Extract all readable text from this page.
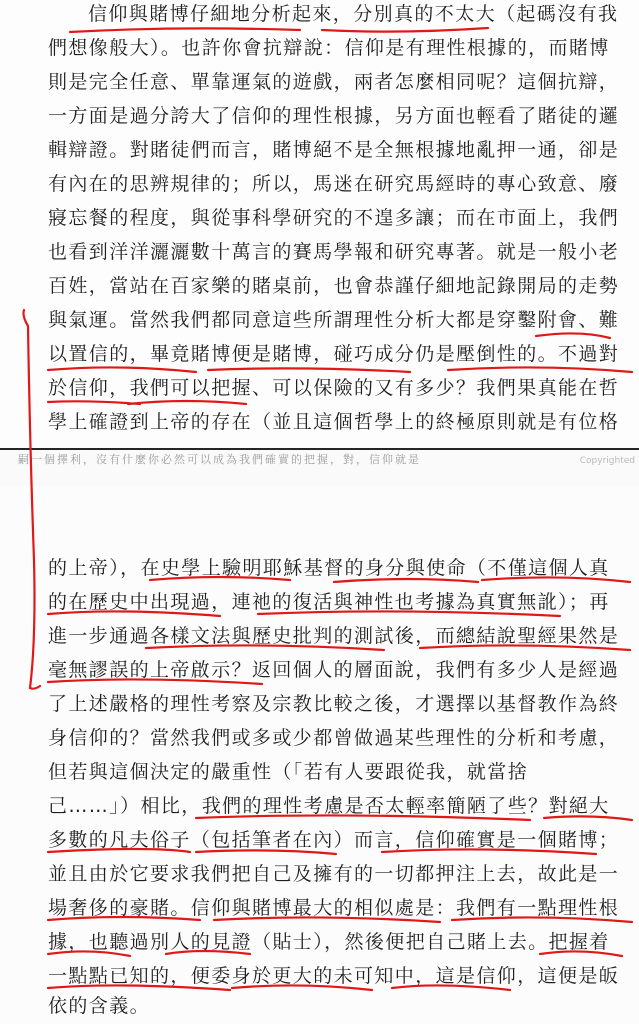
信仰與賭博仔細地分析起來，分別真的不太大（起碼沒有我
們想像般大）。也許你會抗辯說：信仰是有理性根據的，而賭博
則是完全任意、單靠運氣的遊戲，兩者怎麼相同呢？這個抗辯，
一方面是過分誇大了信仰的理性根據，另方面也輕看了賭徒的邏
輯辯證。對賭徒們而言，賭博絕不是全無根據地亂押一通，卻是
有內在的思辨規律的；所以，馬迷在研究馬經時的專心致意、廢
寢忘餐的程度，與從事科學研究的不遑多讓；而在市面上，我們
也看到洋洋灑灑數十萬言的賽馬學報和研究專著。就是一般小老
百姓，當站在百家樂的賭桌前，也會恭謹仔細地記錄開局的走勢
與氣運。當然我們都同意這些所謂理性分析大都是穿鑿附會、難
以置信的，畢竟賭博便是賭博，碰巧成分仍是壓倒性的。不過對
於信仰，我們可以把握、可以保險的又有多少？我們果真能在哲
學上確證到上帝的存在（並且這個哲學上的終極原則就是有位格
嗣一個擇利，沒有什麼你必然可以成為我們確實的把握，對，信仰就是	Copyrighted
的上帝），在史學上驗明耶穌基督的身分與使命（不僅這個人真
的在歷史中出現過，連祂的復活與神性也考據為真實無訛）；再
進一步通過各樣文法與歷史批判的測試後，而總結說聖經果然是
毫無謬誤的上帝啟示？返回個人的層面說，我們有多少人是經過
了上述嚴格的理性考察及宗教比較之後，才選擇以基督教作為終
身信仰的？當然我們或多或少都曾做過某些理性的分析和考慮，
但若與這個決定的嚴重性（「若有人要跟從我，就當捨
己……」）相比，我們的理性考慮是否太輕率簡陋了些？對絕大
多數的凡夫俗子（包括筆者在內）而言，信仰確實是一個賭博；
並且由於它要求我們把自己及擁有的一切都押注上去，故此是一
場奢侈的豪賭。信仰與賭博最大的相似處是：我們有一點理性根
據，也聽過別人的見證（貼士），然後便把自己賭上去。把握着
一點點已知的，便委身於更大的未可知中，這是信仰，這便是皈
依的含義。
